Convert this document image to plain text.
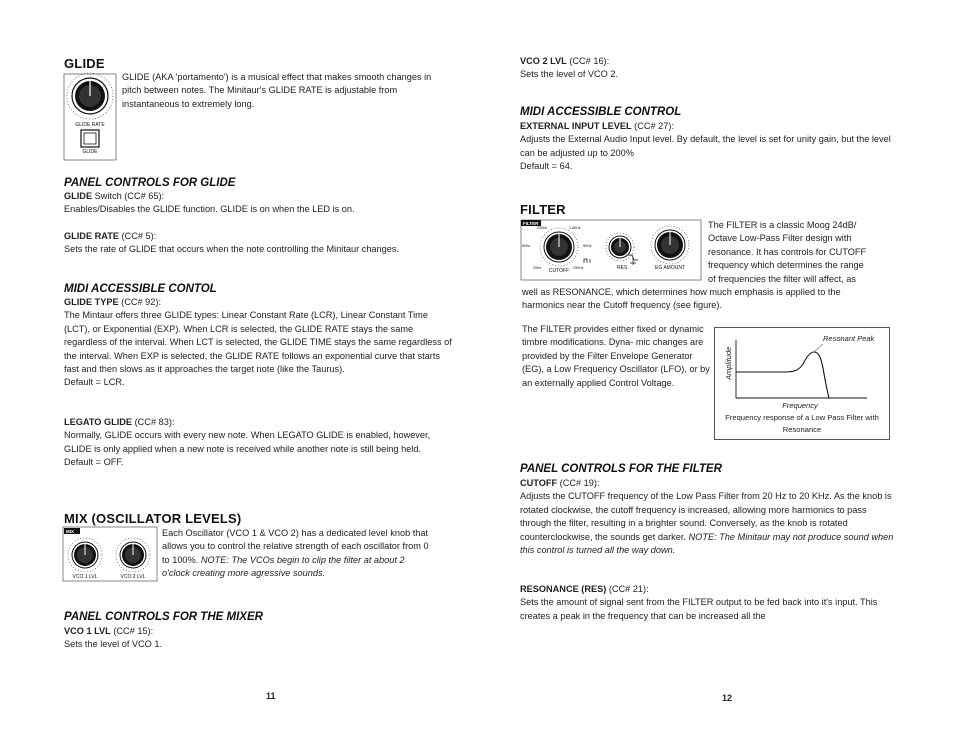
GLIDE
GLIDE RATE
GLIDE
GLIDE (AKA 'portamento') is a musical effect that makes smooth changes in pitch between notes. The Minitaur's GLIDE RATE is adjustable from instantaneous to extremely long.
PANEL CONTROLS FOR GLIDE
GLIDE Switch (CC# 65):
Enables/Disables the GLIDE function. GLIDE is on when the LED is on.
GLIDE RATE (CC# 5):
Sets the rate of GLIDE that occurs when the note controlling the Minitaur changes.
MIDI ACCESSIBLE CONTOL
GLIDE TYPE (CC# 92):
The Mintaur offers three GLIDE types: Linear Constant Rate (LCR), Linear Constant Time (LCT), or Exponential (EXP). When LCR is selected, the GLIDE RATE stays the same regardless of the interval. When LCT is selected, the GLIDE TIME stays the same regardless of the interval. When EXP is selected, the GLIDE RATE follows an exponential curve that starts fast and then slows as it approaches the target note (like the Taurus).
Default = LCR.
LEGATO GLIDE (CC# 83):
Normally, GLIDE occurs with every new note. When LEGATO GLIDE is enabled, however, GLIDE is only applied when a new note is received while another note is still being held.
Default = OFF.
MIX (OSCILLATOR LEVELS)
MIX
VCO 1 LVL	VCO 2 LVL
Each Oscillator (VCO 1 & VCO 2) has a dedicated level knob that allows you to control the relative strength of each oscillator from 0 to 100%. NOTE: The VCOs begin to clip the filter at about 2 o'clock creating more agressive sounds.
PANEL CONTROLS FOR THE MIXER
VCO 1 LVL (CC# 15):
Sets the level of VCO 1.
11
VCO 2 LVL (CC# 16):
Sets the level of VCO 2.
MIDI ACCESSIBLE CONTROL
EXTERNAL INPUT LEVEL (CC# 27):
Adjusts the External Audio Input level. By default, the level is set for unity gain, but the level can be adjusted up to 200%
Default = 64.
FILTER
FILTER
200Hz	1.6KHz
80Hz	5KHz
20Hz	20KHz
CUTOFF	RES	EG AMOUNT
The FILTER is a classic Moog 24dB/
Octave Low-Pass Filter design with
resonance. It has controls for CUTOFF
frequency which determines the range
of frequencies the filter will affect, as
well as RESONANCE, which determines how much emphasis is applied to the
harmonics near the Cutoff frequency (see figure).
The FILTER provides either fixed or dynamic timbre modifications. Dyna- mic changes are provided by the Filter Envelope Generator (EG), a Low Frequency Oscillator (LFO), or by an externally applied Control Voltage.
Resonant Peak
Amplitude
Frequency
Frequency response of a Low Pass Filter with Resonance
PANEL CONTROLS FOR THE FILTER
CUTOFF (CC# 19):
Adjusts the CUTOFF frequency of the Low Pass Filter from 20 Hz to 20 KHz. As the knob is rotated clockwise, the cutoff frequency is increased, allowing more harmonics to pass through the filter, resulting in a brighter sound. Conversely, as the knob is rotated counterclockwise, the sounds get darker. NOTE: The Minitaur may not produce sound when this control is turned all the way down.
RESONANCE (RES) (CC# 21):
Sets the amount of signal sent from the FILTER output to be fed back into it's input. This creates a peak in the frequency that can be increased all the
12
